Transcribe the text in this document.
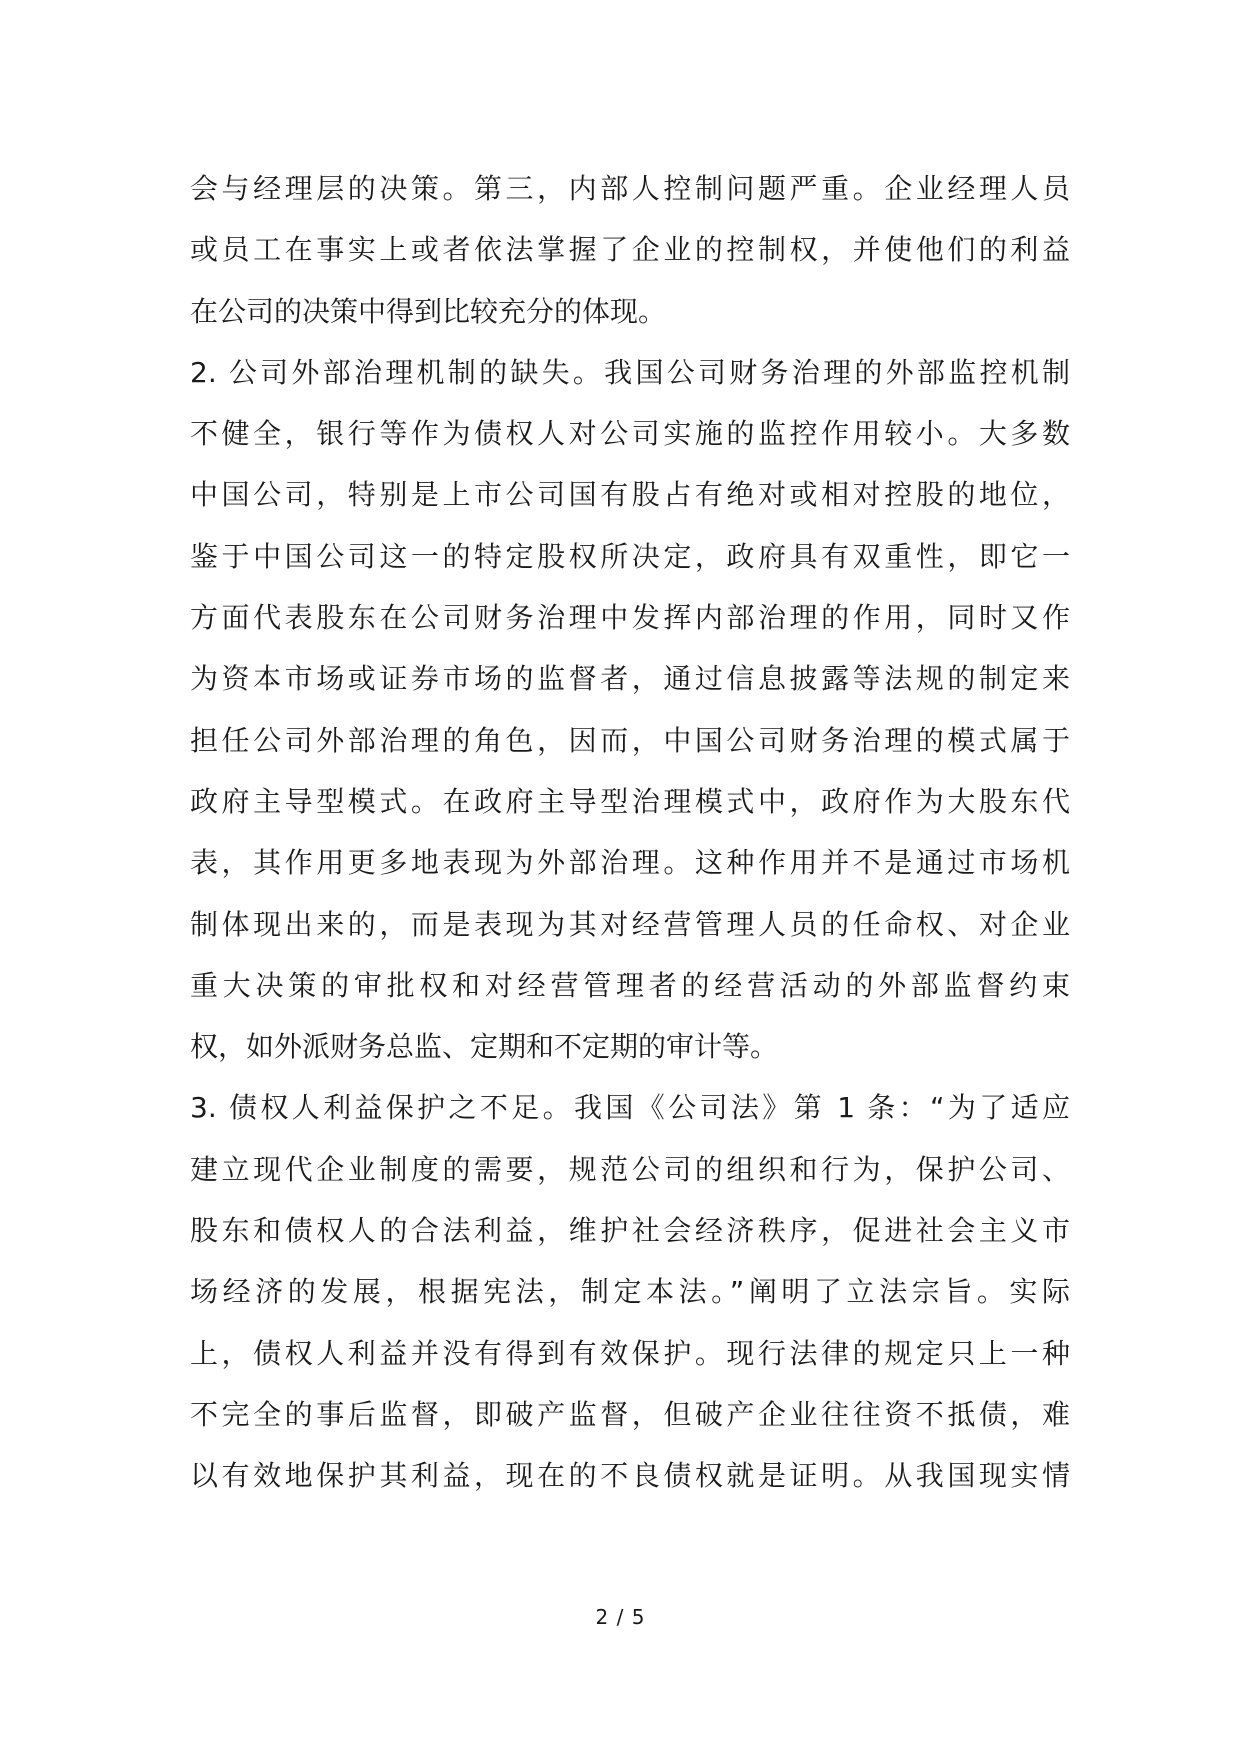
会与经理层的决策。第三，内部人控制问题严重。企业经理人员
或员工在事实上或者依法掌握了企业的控制权，并使他们的利益
在公司的决策中得到比较充分的体现。
2. 公司外部治理机制的缺失。我国公司财务治理的外部监控机制
不健全，银行等作为债权人对公司实施的监控作用较小。大多数
中国公司，特别是上市公司国有股占有绝对或相对控股的地位，
鉴于中国公司这一的特定股权所决定，政府具有双重性，即它一
方面代表股东在公司财务治理中发挥内部治理的作用，同时又作
为资本市场或证券市场的监督者，通过信息披露等法规的制定来
担任公司外部治理的角色，因而，中国公司财务治理的模式属于
政府主导型模式。在政府主导型治理模式中，政府作为大股东代
表，其作用更多地表现为外部治理。这种作用并不是通过市场机
制体现出来的，而是表现为其对经营管理人员的任命权、对企业
重大决策的审批权和对经营管理者的经营活动的外部监督约束
权，如外派财务总监、定期和不定期的审计等。
3. 债权人利益保护之不足。我国《公司法》第 1 条：“为了适应
建立现代企业制度的需要，规范公司的组织和行为，保护公司、
股东和债权人的合法利益，维护社会经济秩序，促进社会主义市
场经济的发展，根据宪法，制定本法。”阐明了立法宗旨。实际
上，债权人利益并没有得到有效保护。现行法律的规定只上一种
不完全的事后监督，即破产监督，但破产企业往往资不抵债，难
以有效地保护其利益，现在的不良债权就是证明。从我国现实情
2 / 5
